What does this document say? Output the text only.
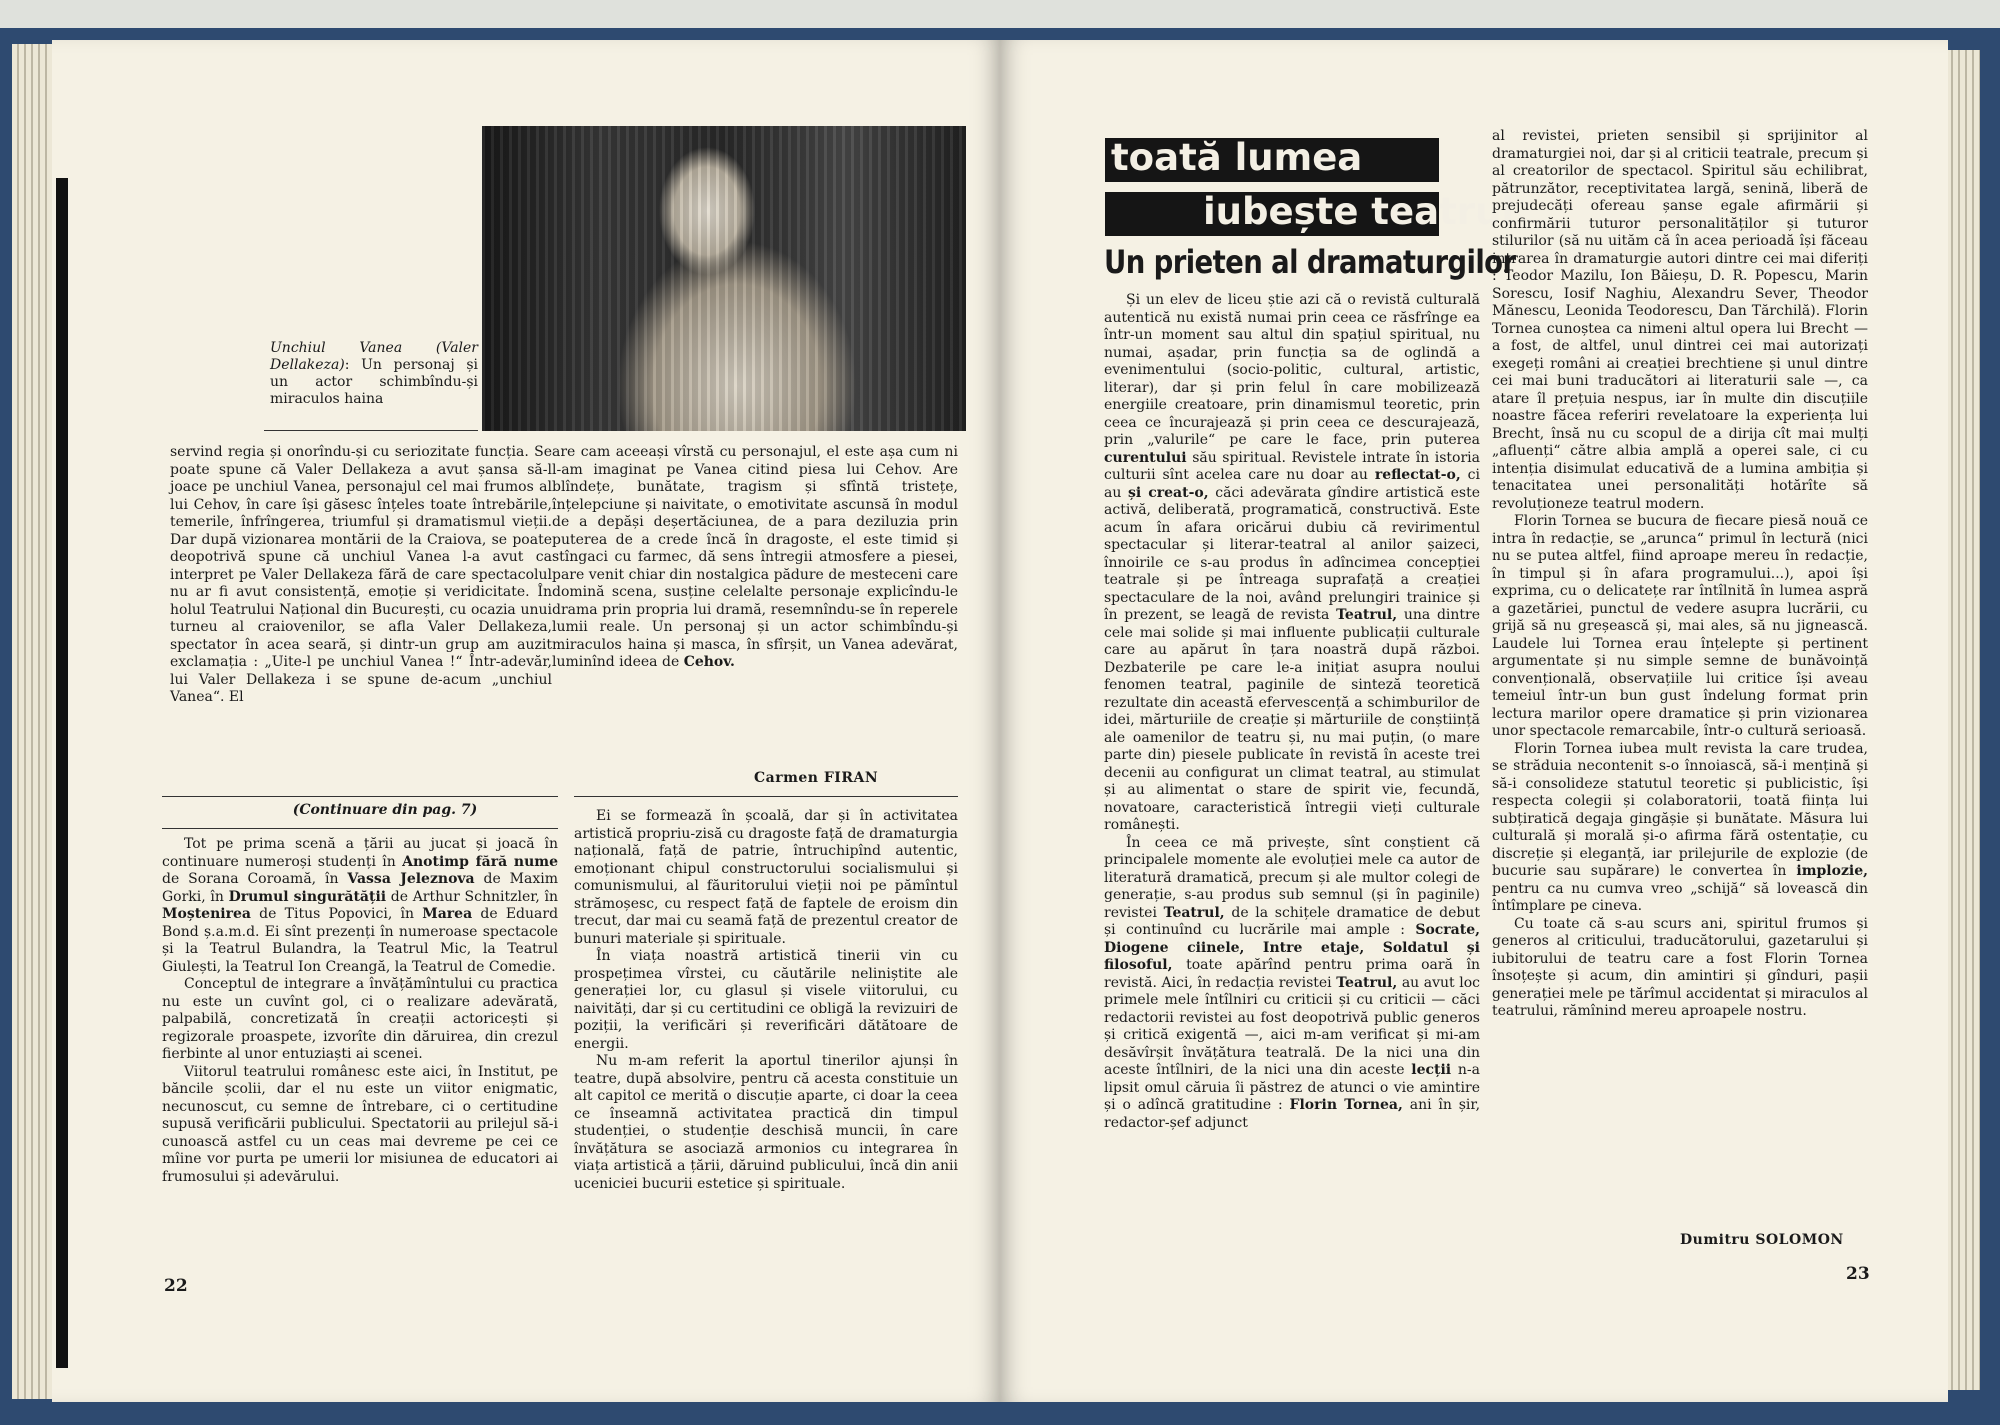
Unchiul Vanea (Valer Dellakeza): Un personaj și un actor schimbîndu-și miraculos haina

servind regia și onorîndu-și cu seriozitate funcția. Se poate spune că Valer Dellakeza a avut șansa să-l joace pe unchiul Vanea, personajul cel mai frumos al lui Cehov, în care își găsesc înțeles toate întrebările, temerile, înfrîngerea, triumful și dramatismul vieții. Dar după vizionarea montării de la Craiova, se poate deopotrivă spune că unchiul Vanea l-a avut ca interpret pe Valer Dellakeza fără de care spectacolul nu ar fi avut consistență, emoție și veridicitate. În holul Teatrului Național din București, cu ocazia unui turneu al craiovenilor, se afla Valer Dellakeza, spectator în acea seară, și dintr-un grup am auzit exclamația : „Uite-l pe unchiul Vanea !“ Într-adevăr, lui Valer Dellakeza i se spune de-acum „unchiul Vanea“. El

are cam aceeași vîrstă cu personajul, el este așa cum ni l-am imaginat pe Vanea citind piesa lui Cehov. Are blîndețe, bunătate, tragism și sfîntă tristețe, înțelepciune și naivitate, o emotivitate ascunsă în modul de a depăși deșertăciunea, de a para deziluzia prin puterea de a crede încă în dragoste, el este timid și stîngaci cu farmec, dă sens întregii atmosfere a piesei, pare venit chiar din nostalgica pădure de mesteceni care domină scena, susține celelalte personaje explicîndu-le drama prin propria lui dramă, resemnîndu-se în reperele lumii reale. Un personaj și un actor schimbîndu-și miraculos haina și masca, în sfîrșit, un Vanea adevărat, luminînd ideea de Cehov.

Carmen FIRAN
(Continuare din pag. 7)

Tot pe prima scenă a țării au jucat și joacă în continuare numeroși studenți în Anotimp fără nume de Sorana Coroamă, în Vassa Jeleznova de Maxim Gorki, în Drumul singurătății de Arthur Schnitzler, în Moștenirea de Titus Popovici, în Marea de Eduard Bond ș.a.m.d. Ei sînt prezenți în numeroase spectacole și la Teatrul Bulandra, la Teatrul Mic, la Teatrul Giulești, la Teatrul Ion Creangă, la Teatrul de Comedie.

Conceptul de integrare a învățămîntului cu practica nu este un cuvînt gol, ci o realizare adevărată, palpabilă, concretizată în creații actoricești și regizorale proaspete, izvorîte din dăruirea, din crezul fierbinte al unor entuziaști ai scenei.

Viitorul teatrului românesc este aici, în Institut, pe băncile școlii, dar el nu este un viitor enigmatic, necunoscut, cu semne de întrebare, ci o certitudine supusă verificării publicului. Spectatorii au prilejul să-i cunoască astfel cu un ceas mai devreme pe cei ce mîine vor purta pe umerii lor misiunea de educatori ai frumosului și adevărului.

Ei se formează în școală, dar și în activitatea artistică propriu-zisă cu dragoste față de dramaturgia națională, față de patrie, întruchipînd autentic, emoționant chipul constructorului socialismului și comunismului, al făuritorului vieții noi pe pămîntul strămoșesc, cu respect față de faptele de eroism din trecut, dar mai cu seamă față de prezentul creator de bunuri materiale și spirituale.

În viața noastră artistică tinerii vin cu prospețimea vîrstei, cu căutările neliniștite ale generației lor, cu glasul și visele viitorului, cu naivități, dar și cu certitudini ce obligă la revizuiri de poziții, la verificări și reverificări dătătoare de energii.

Nu m-am referit la aportul tinerilor ajunși în teatre, după absolvire, pentru că acesta constituie un alt capitol ce merită o discuție aparte, ci doar la ceea ce înseamnă activitatea practică din timpul studenției, o studenție deschisă muncii, în care învățătura se asociază armonios cu integrarea în viața artistică a țării, dăruind publicului, încă din anii uceniciei bucurii estetice și spirituale.

22
toată lumea
iubește teatrul
Un prieten al dramaturgilor

Și un elev de liceu știe azi că o revistă culturală autentică nu există numai prin ceea ce răsfrînge ea într-un moment sau altul din spațiul spiritual, nu numai, așadar, prin funcția sa de oglindă a evenimentului (socio-politic, cultural, artistic, literar), dar și prin felul în care mobilizează energiile creatoare, prin dinamismul teoretic, prin ceea ce încurajează și prin ceea ce descurajează, prin „valurile“ pe care le face, prin puterea curentului său spiritual. Revistele intrate în istoria culturii sînt acelea care nu doar au reflectat-o, ci au și creat-o, căci adevărata gîndire artistică este activă, deliberată, programatică, constructivă. Este acum în afara oricărui dubiu că revirimentul spectacular și literar-teatral al anilor șaizeci, înnoirile ce s-au produs în adîncimea concepției teatrale și pe întreaga suprafață a creației spectaculare de la noi, având prelungiri trainice și în prezent, se leagă de revista Teatrul, una dintre cele mai solide și mai influente publicații culturale care au apărut în țara noastră după război. Dezbaterile pe care le-a inițiat asupra noului fenomen teatral, paginile de sinteză teoretică rezultate din această efervescență a schimburilor de idei, mărturiile de creație și mărturiile de conștiință ale oamenilor de teatru și, nu mai puțin, (o mare parte din) piesele publicate în revistă în aceste trei decenii au configurat un climat teatral, au stimulat și au alimentat o stare de spirit vie, fecundă, novatoare, caracteristică întregii vieți culturale românești.

În ceea ce mă privește, sînt conștient că principalele momente ale evoluției mele ca autor de literatură dramatică, precum și ale multor colegi de generație, s-au produs sub semnul (și în paginile) revistei Teatrul, de la schițele dramatice de debut și continuînd cu lucrările mai ample : Socrate, Diogene ciinele, Intre etaje, Soldatul și filosoful, toate apărînd pentru prima oară în revistă. Aici, în redacția revistei Teatrul, au avut loc primele mele întîlniri cu criticii și cu criticii — căci redactorii revistei au fost deopotrivă public generos și critică exigentă —, aici m-am verificat și mi-am desăvîrșit învățătura teatrală. De la nici una din aceste întîlniri, de la nici una din aceste lecții n-a lipsit omul căruia îi păstrez de atunci o vie amintire și o adîncă gratitudine : Florin Tornea, ani în șir, redactor-șef adjunct

al revistei, prieten sensibil și sprijinitor al dramaturgiei noi, dar și al criticii teatrale, precum și al creatorilor de spectacol. Spiritul său echilibrat, pătrunzător, receptivitatea largă, senină, liberă de prejudecăți ofereau șanse egale afirmării și confirmării tuturor personalităților și tuturor stilurilor (să nu uităm că în acea perioadă își făceau intrarea în dramaturgie autori dintre cei mai diferiți : Teodor Mazilu, Ion Băieșu, D. R. Popescu, Marin Sorescu, Iosif Naghiu, Alexandru Sever, Theodor Mănescu, Leonida Teodorescu, Dan Tărchilă). Florin Tornea cunoștea ca nimeni altul opera lui Brecht — a fost, de altfel, unul dintrei cei mai autorizați exegeți români ai creației brechtiene și unul dintre cei mai buni traducători ai literaturii sale —, ca atare îl prețuia nespus, iar în multe din discuțiile noastre făcea referiri revelatoare la experiența lui Brecht, însă nu cu scopul de a dirija cît mai mulți „afluenți“ către albia amplă a operei sale, ci cu intenția disimulat educativă de a lumina ambiția și tenacitatea unei personalități hotărîte să revoluționeze teatrul modern.

Florin Tornea se bucura de fiecare piesă nouă ce intra în redacție, se „arunca“ primul în lectură (nici nu se putea altfel, fiind aproape mereu în redacție, în timpul și în afara programului...), apoi își exprima, cu o delicatețe rar întîlnită în lumea aspră a gazetăriei, punctul de vedere asupra lucrării, cu grijă să nu greșească și, mai ales, să nu jignească. Laudele lui Tornea erau înțelepte și pertinent argumentate și nu simple semne de bunăvoință convențională, observațiile lui critice își aveau temeiul într-un bun gust îndelung format prin lectura marilor opere dramatice și prin vizionarea unor spectacole remarcabile, într-o cultură serioasă.

Florin Tornea iubea mult revista la care trudea, se străduia necontenit s-o înnoiască, să-i mențină și să-i consolideze statutul teoretic și publicistic, își respecta colegii și colaboratorii, toată ființa lui subțiratică degaja gingășie și bunătate. Măsura lui culturală și morală și-o afirma fără ostentație, cu discreție și eleganță, iar prilejurile de explozie (de bucurie sau supărare) le convertea în implozie, pentru ca nu cumva vreo „schijă“ să lovească din întîmplare pe cineva.

Cu toate că s-au scurs ani, spiritul frumos și generos al criticului, traducătorului, gazetarului și iubitorului de teatru care a fost Florin Tornea însoțește și acum, din amintiri și gînduri, pașii generației mele pe tărîmul accidentat și miraculos al teatrului, rămînind mereu aproapele nostru.

Dumitru SOLOMON
23
